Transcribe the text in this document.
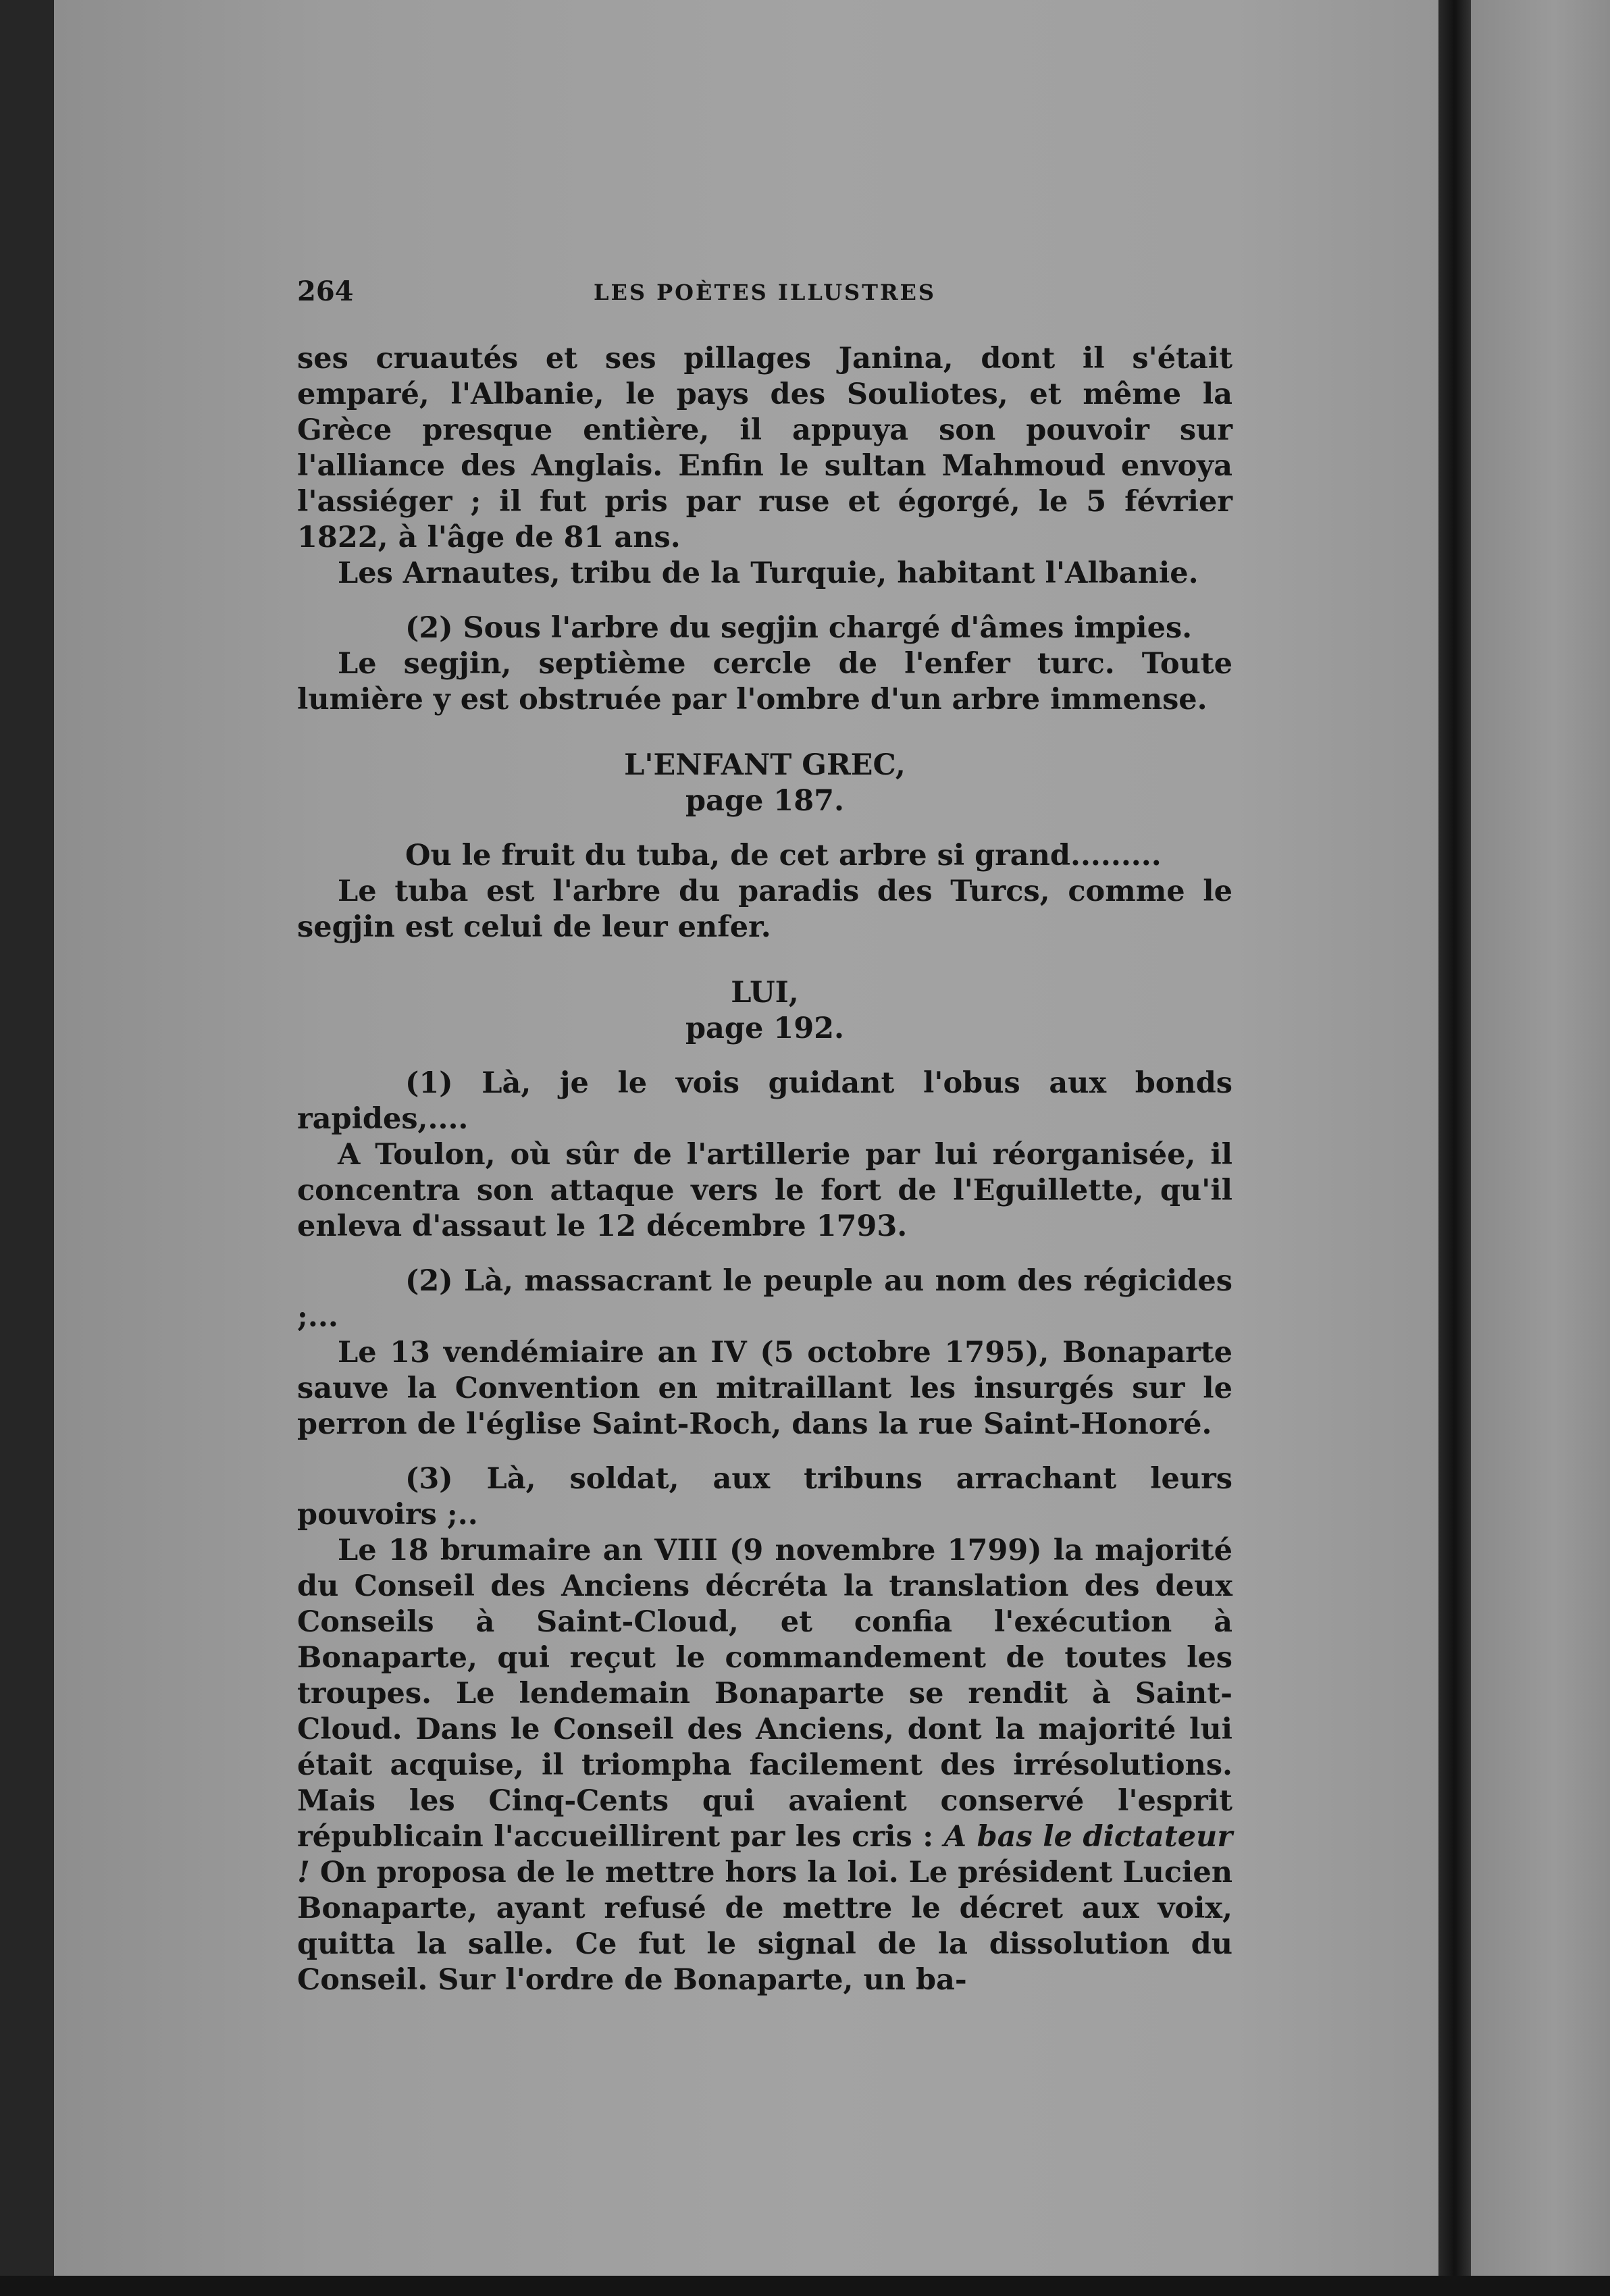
264	LES POÈTES ILLUSTRES

ses cruautés et ses pillages Janina, dont il s'était emparé, l'Albanie, le pays des Souliotes, et même la Grèce presque entière, il appuya son pouvoir sur l'alliance des Anglais. Enfin le sultan Mahmoud envoya l'assiéger ; il fut pris par ruse et égorgé, le 5 février 1822, à l'âge de 81 ans.

Les Arnautes, tribu de la Turquie, habitant l'Albanie.

(2) Sous l'arbre du segjin chargé d'âmes impies.

Le segjin, septième cercle de l'enfer turc. Toute lumière y est obstruée par l'ombre d'un arbre immense.

L'ENFANT GREC,

page 187.

Ou le fruit du tuba, de cet arbre si grand.........

Le tuba est l'arbre du paradis des Turcs, comme le segjin est celui de leur enfer.

LUI,

page 192.

(1) Là, je le vois guidant l'obus aux bonds rapides,....

A Toulon, où sûr de l'artillerie par lui réorganisée, il concentra son attaque vers le fort de l'Eguillette, qu'il enleva d'assaut le 12 décembre 1793.

(2) Là, massacrant le peuple au nom des régicides ;...

Le 13 vendémiaire an IV (5 octobre 1795), Bonaparte sauve la Convention en mitraillant les insurgés sur le perron de l'église Saint-Roch, dans la rue Saint-Honoré.

(3) Là, soldat, aux tribuns arrachant leurs pouvoirs ;..

Le 18 brumaire an VIII (9 novembre 1799) la majorité du Conseil des Anciens décréta la translation des deux Conseils à Saint-Cloud, et confia l'exécution à Bonaparte, qui reçut le commandement de toutes les troupes. Le lendemain Bonaparte se rendit à Saint-Cloud. Dans le Conseil des Anciens, dont la majorité lui était acquise, il triompha facilement des irrésolutions. Mais les Cinq-Cents qui avaient conservé l'esprit républicain l'accueillirent par les cris : A bas le dictateur ! On proposa de le mettre hors la loi. Le président Lucien Bonaparte, ayant refusé de mettre le décret aux voix, quitta la salle. Ce fut le signal de la dissolution du Conseil. Sur l'ordre de Bonaparte, un ba-
